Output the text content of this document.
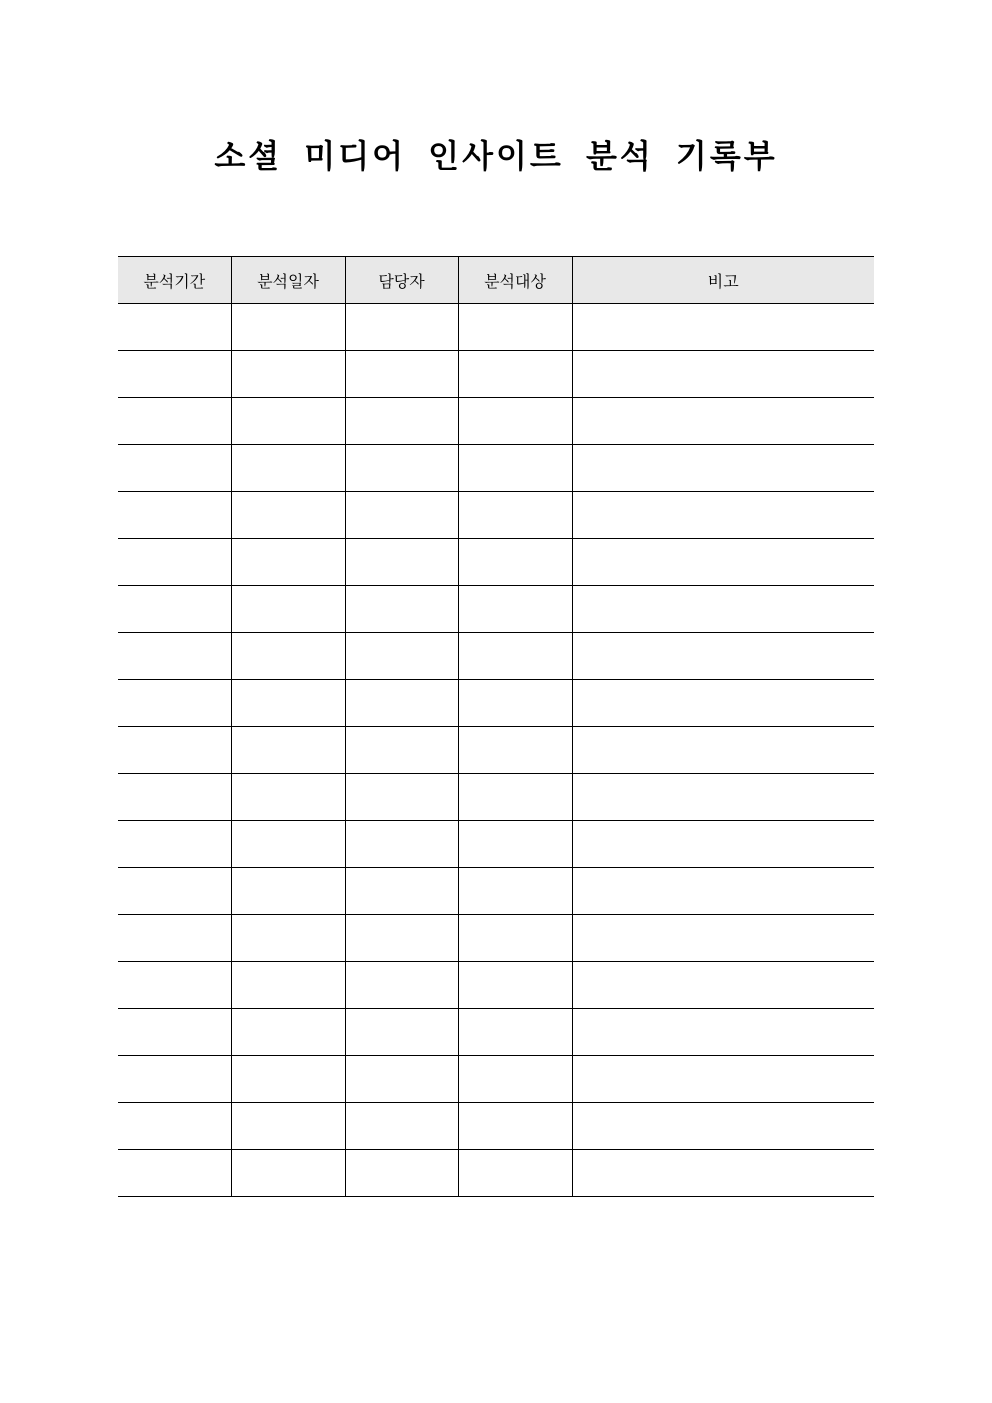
소셜 미디어 인사이트 분석 기록부
분석기간	분석일자	담당자	분석대상	비고
